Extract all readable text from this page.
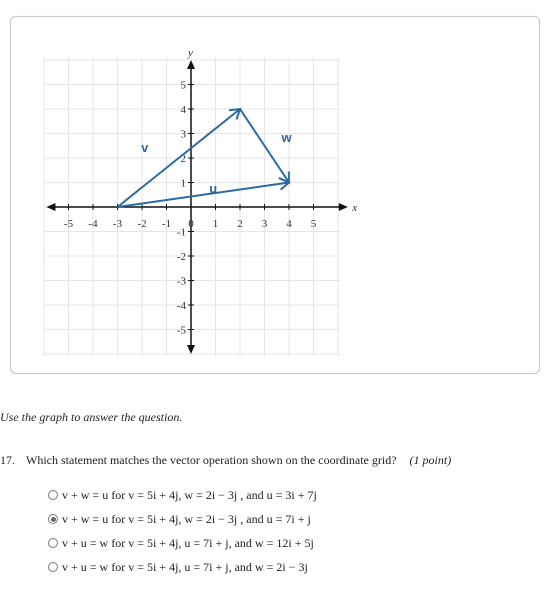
x
y
-5 -4 -3 -2 -1 0 1 2 3 4 5
1
2
3
4
5
-1
-2
-3
-4
-5
v
w
u
Use the graph to answer the question.
17. Which statement matches the vector operation shown on the coordinate grid? (1 point)
v + w = u for v = 5i + 4j, w = 2i − 3j , and u = 3i + 7j
v + w = u for v = 5i + 4j, w = 2i − 3j , and u = 7i + j
v + u = w for v = 5i + 4j, u = 7i + j, and w = 12i + 5j
v + u = w for v = 5i + 4j, u = 7i + j, and w = 2i − 3j
